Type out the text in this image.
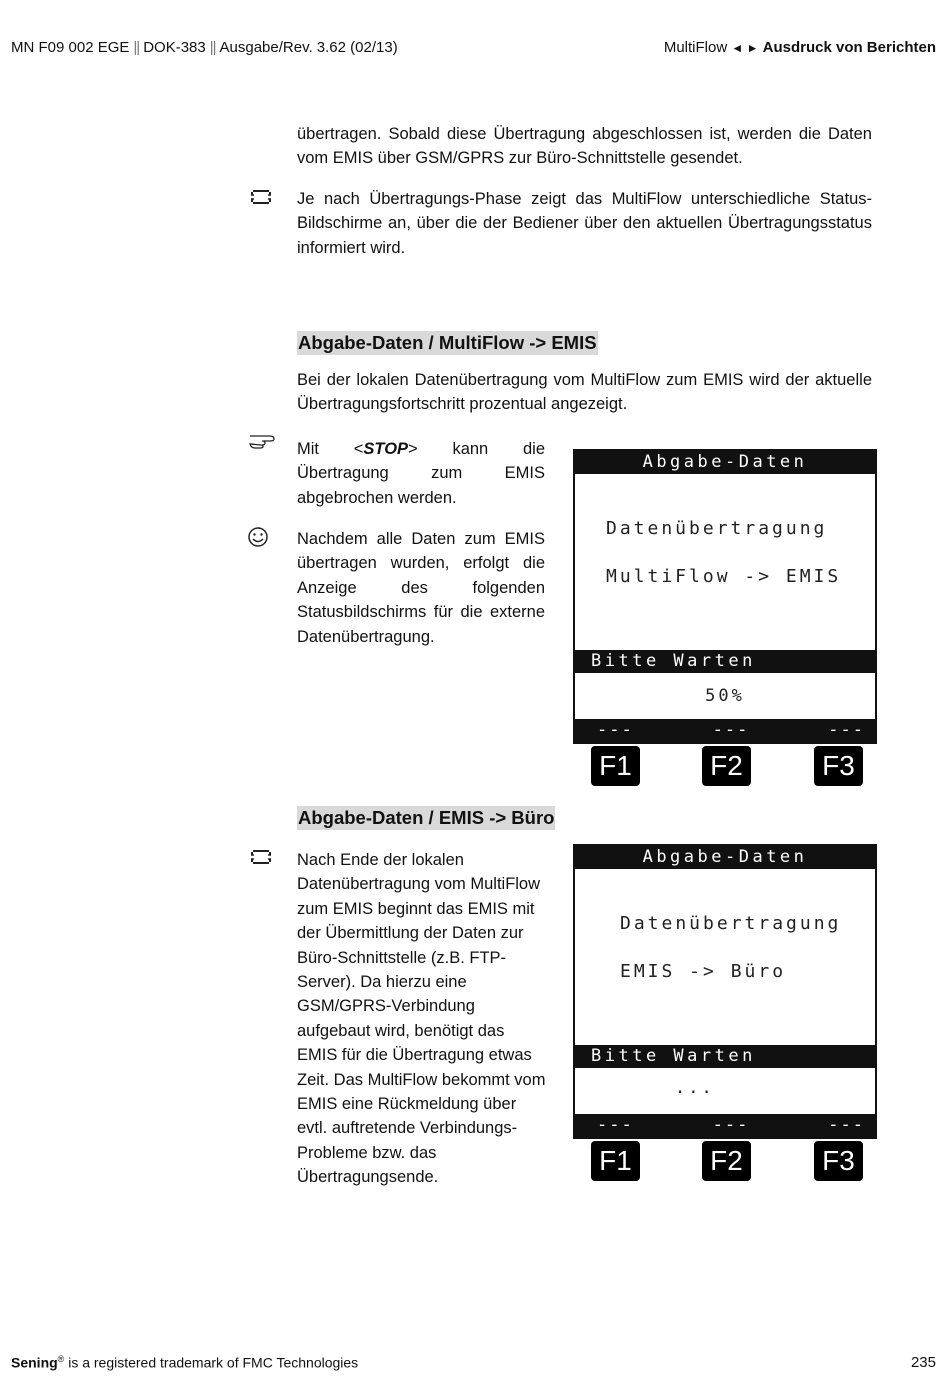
MN F09 002 EGE || DOK-383 || Ausgabe/Rev. 3.62 (02/13)	MultiFlow ◄ ► Ausdruck von Berichten
übertragen. Sobald diese Übertragung abgeschlossen ist, werden die Daten vom EMIS über GSM/GPRS zur Büro-Schnittstelle gesendet.
Je nach Übertragungs-Phase zeigt das MultiFlow unterschiedliche Status-Bildschirme an, über die der Bediener über den aktuellen Übertragungsstatus informiert wird.
Abgabe-Daten / MultiFlow -> EMIS
Bei der lokalen Datenübertragung vom MultiFlow zum EMIS wird der aktuelle Übertragungsfortschritt prozentual angezeigt.
Mit <STOP> kann die Übertragung zum EMIS abgebrochen werden.
Nachdem alle Daten zum EMIS übertragen wurden, erfolgt die Anzeige des folgenden Statusbildschirms für die externe Datenübertragung.
Abgabe-Daten
Datenübertragung
MultiFlow -> EMIS
Bitte Warten
50%
---	---	---
F1	F2	F3
Abgabe-Daten / EMIS -> Büro
Nach Ende der lokalen Datenübertragung vom MultiFlow zum EMIS beginnt das EMIS mit der Übermittlung der Daten zur Büro-Schnittstelle (z.B. FTP-Server). Da hierzu eine GSM/GPRS-Verbindung aufgebaut wird, benötigt das EMIS für die Übertragung etwas Zeit. Das MultiFlow bekommt vom EMIS eine Rückmeldung über evtl. auftretende Verbindungs-Probleme bzw. das Übertragungsende.
Abgabe-Daten
Datenübertragung
EMIS -> Büro
Bitte Warten
...
---	---	---
F1	F2	F3
Sening® is a registered trademark of FMC Technologies	235
